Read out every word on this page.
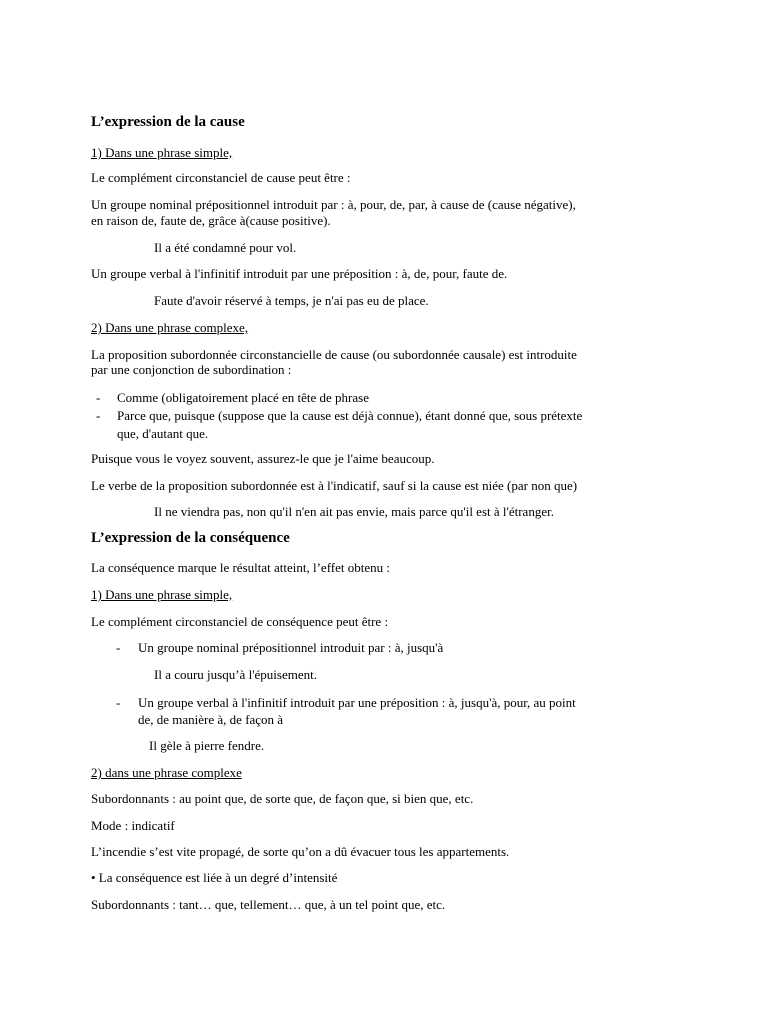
L’expression de la cause
1) Dans une phrase simple,
Le complément circonstanciel de cause peut être :
Un groupe nominal prépositionnel introduit par : à, pour, de, par, à cause de (cause négative),
en raison de, faute de, grâce à(cause positive).
Il a été condamné pour vol.
Un groupe verbal à l'infinitif introduit par une préposition : à, de, pour, faute de.
Faute d'avoir réservé à temps, je n'ai pas eu de place.
2) Dans une phrase complexe,
La proposition subordonnée circonstancielle de cause (ou subordonnée causale) est introduite
par une conjonction de subordination :
- Comme (obligatoirement placé en tête de phrase
- Parce que, puisque (suppose que la cause est déjà connue), étant donné que, sous prétexte
que, d'autant que.
Puisque vous le voyez souvent, assurez-le que je l'aime beaucoup.
Le verbe de la proposition subordonnée est à l'indicatif, sauf si la cause est niée (par non que)
Il ne viendra pas, non qu'il n'en ait pas envie, mais parce qu'il est à l'étranger.
L’expression de la conséquence
La conséquence marque le résultat atteint, l’effet obtenu :
1) Dans une phrase simple,
Le complément circonstanciel de conséquence peut être :
- Un groupe nominal prépositionnel introduit par : à, jusqu'à
Il a couru jusqu’à l'épuisement.
- Un groupe verbal à l'infinitif introduit par une préposition : à, jusqu'à, pour, au point
de, de manière à, de façon à
Il gèle à pierre fendre.
2) dans une phrase complexe
Subordonnants : au point que, de sorte que, de façon que, si bien que, etc.
Mode : indicatif
L’incendie s’est vite propagé, de sorte qu’on a dû évacuer tous les appartements.
• La conséquence est liée à un degré d’intensité
Subordonnants : tant… que, tellement… que, à un tel point que, etc.
